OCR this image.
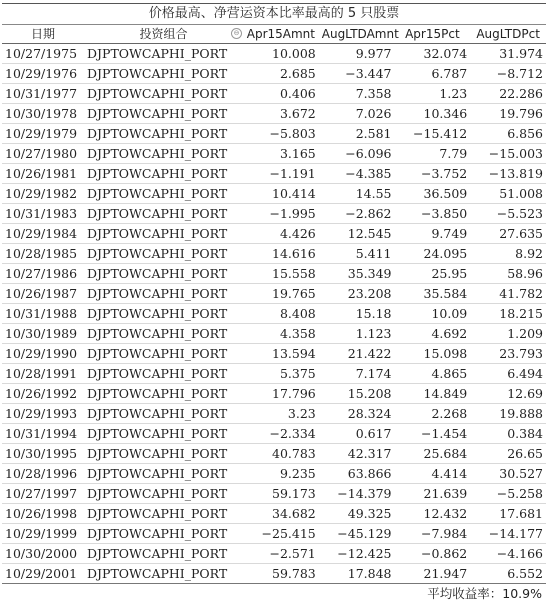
价格最高、净营运资本比率最高的 5 只股票
日期	投资组合 ⊖	Apr15Amnt	AugLTDAmnt	Apr15Pct	AugLTDPct
10/27/1975	DJPTOWCAPHI_PORT	10.008	9.977	32.074	31.974
10/29/1976	DJPTOWCAPHI_PORT	2.685	−3.447	6.787	−8.712
10/31/1977	DJPTOWCAPHI_PORT	0.406	7.358	1.23	22.286
10/30/1978	DJPTOWCAPHI_PORT	3.672	7.026	10.346	19.796
10/29/1979	DJPTOWCAPHI_PORT	−5.803	2.581	−15.412	6.856
10/27/1980	DJPTOWCAPHI_PORT	3.165	−6.096	7.79	−15.003
10/26/1981	DJPTOWCAPHI_PORT	−1.191	−4.385	−3.752	−13.819
10/29/1982	DJPTOWCAPHI_PORT	10.414	14.55	36.509	51.008
10/31/1983	DJPTOWCAPHI_PORT	−1.995	−2.862	−3.850	−5.523
10/29/1984	DJPTOWCAPHI_PORT	4.426	12.545	9.749	27.635
10/28/1985	DJPTOWCAPHI_PORT	14.616	5.411	24.095	8.92
10/27/1986	DJPTOWCAPHI_PORT	15.558	35.349	25.95	58.96
10/26/1987	DJPTOWCAPHI_PORT	19.765	23.208	35.584	41.782
10/31/1988	DJPTOWCAPHI_PORT	8.408	15.18	10.09	18.215
10/30/1989	DJPTOWCAPHI_PORT	4.358	1.123	4.692	1.209
10/29/1990	DJPTOWCAPHI_PORT	13.594	21.422	15.098	23.793
10/28/1991	DJPTOWCAPHI_PORT	5.375	7.174	4.865	6.494
10/26/1992	DJPTOWCAPHI_PORT	17.796	15.208	14.849	12.69
10/29/1993	DJPTOWCAPHI_PORT	3.23	28.324	2.268	19.888
10/31/1994	DJPTOWCAPHI_PORT	−2.334	0.617	−1.454	0.384
10/30/1995	DJPTOWCAPHI_PORT	40.783	42.317	25.684	26.65
10/28/1996	DJPTOWCAPHI_PORT	9.235	63.866	4.414	30.527
10/27/1997	DJPTOWCAPHI_PORT	59.173	−14.379	21.639	−5.258
10/26/1998	DJPTOWCAPHI_PORT	34.682	49.325	12.432	17.681
10/29/1999	DJPTOWCAPHI_PORT	−25.415	−45.129	−7.984	−14.177
10/30/2000	DJPTOWCAPHI_PORT	−2.571	−12.425	−0.862	−4.166
10/29/2001	DJPTOWCAPHI_PORT	59.783	17.848	21.947	6.552
平均收益率：10.9%
